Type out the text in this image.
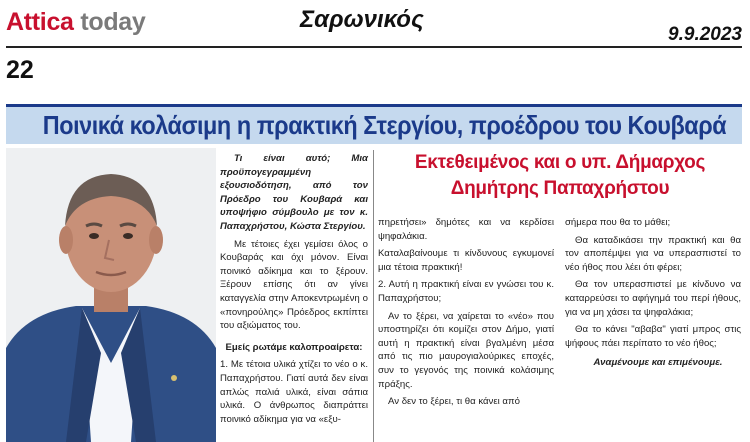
Attica today	Σαρωνικός
9.9.2023
22
Ποινικά κολάσιμη η πρακτική Στεργίου, προέδρου του Κουβαρά

Τι είναι αυτό; Μια προϋπογεγραμμένη εξουσιοδότηση, από τον Πρόεδρο του Κουβαρά και υποψήφιο σύμβουλο με τον κ. Παπαχρήστου, Κώστα Στεργίου.

Με τέτοιες έχει γεμίσει όλος ο Κουβαράς και όχι μόνον. Είναι ποινικό αδίκημα και το ξέρουν. Ξέρουν επίσης ότι αν γίνει καταγγελία στην Αποκεντρωμένη ο «πονηρούλης» Πρόεδρος εκπίπτει του αξιώματος του.

Εμείς ρωτάμε καλοπροαίρετα:

1. Με τέτοια υλικά χτίζει το νέο ο κ. Παπαχρήστου. Γιατί αυτά δεν είναι απλώς παλιά υλικά, είναι σάπια υλικά. Ο άνθρωπος διαπράττει ποινικό αδίκημα για να «εξυ-

Εκτεθειμένος και ο υπ. Δήμαρχος
Δημήτρης Παπαχρήστου

πηρετήσει» δημότες και να κερδίσει ψηφαλάκια.

Καταλαβαίνουμε τι κίνδυνους εγκυμονεί μια τέτοια πρακτική!

2. Αυτή η πρακτική είναι εν γνώσει του κ. Παπαχρήστου;

Αν το ξέρει, να χαίρεται το «νέο» που υποστηρίζει ότι κομίζει στον Δήμο, γιατί αυτή η πρακτική είναι βγαλμένη μέσα από τις πιο μαυρογιαλούρικες εποχές, συν το γεγονός της ποινικά κολάσιμης πράξης.

Αν δεν το ξέρει, τι θα κάνει από

σήμερα που θα το μάθει;

Θα καταδικάσει την πρακτική και θα τον αποπέμψει για να υπερασπιστεί το νέο ήθος που λέει ότι φέρει;

Θα τον υπερασπιστεί με κίνδυνο να καταρρεύσει το αφήγημά του περί ήθους, για να μη χάσει τα ψηφαλάκια;

Θα το κάνει "αβαβα" γιατί μπρος στις ψήφους πάει περίπατο το νέο ήθος;

Αναμένουμε και επιμένουμε.
